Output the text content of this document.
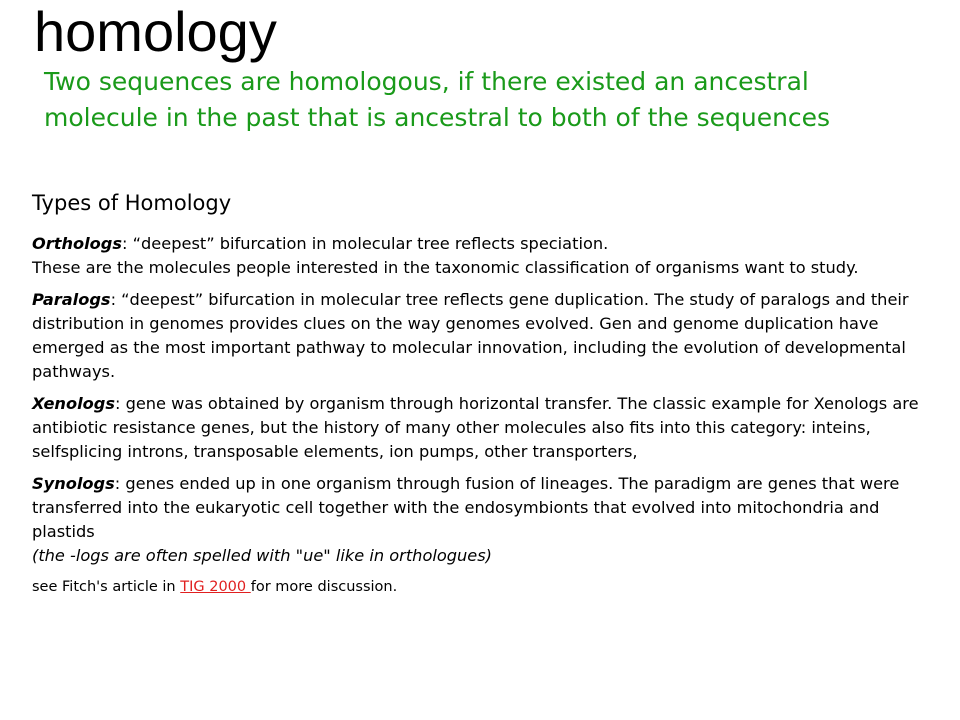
homology
Two sequences are homologous, if there existed an ancestral molecule in the past that is ancestral to both of the sequences
Types of Homology
Orthologs: “deepest” bifurcation in molecular tree reflects speciation.
These are the molecules people interested in the taxonomic classification of organisms want to study.
Paralogs: “deepest” bifurcation in molecular tree reflects gene duplication. The study of paralogs and their distribution in genomes provides clues on the way genomes evolved. Gen and genome duplication have emerged as the most important pathway to molecular innovation, including the evolution of developmental pathways.
Xenologs: gene was obtained by organism through horizontal transfer. The classic example for Xenologs are antibiotic resistance genes, but the history of many other molecules also fits into this category: inteins, selfsplicing introns, transposable elements, ion pumps, other transporters,
Synologs: genes ended up in one organism through fusion of lineages. The paradigm are genes that were transferred into the eukaryotic cell together with the endosymbionts that evolved into mitochondria and plastids
(the -logs are often spelled with "ue" like in orthologues)
see Fitch's article in TIG 2000 for more discussion.
